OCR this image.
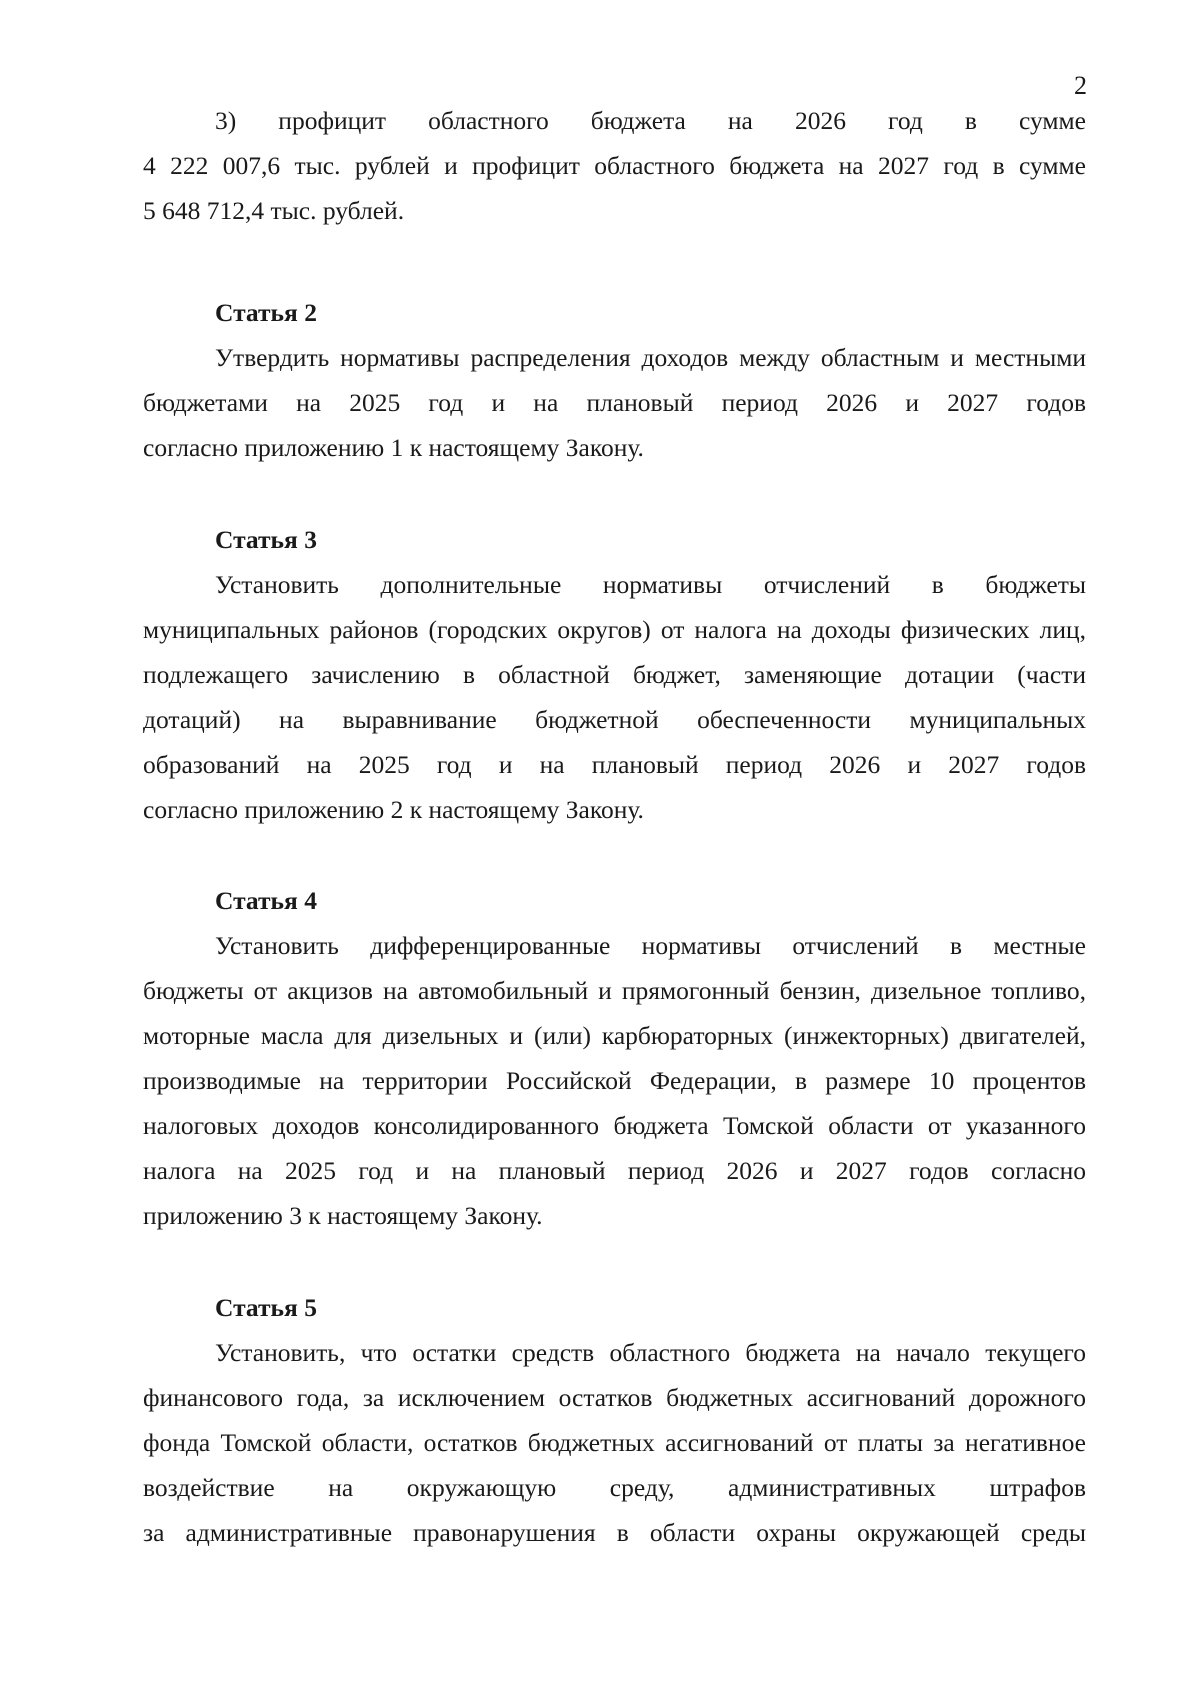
2
3) профицит областного бюджета на 2026 год в сумме
4 222 007,6 тыс. рублей и профицит областного бюджета на 2027 год в сумме
5 648 712,4 тыс. рублей.
Статья 2
Утвердить нормативы распределения доходов между областным и местными
бюджетами на 2025 год и на плановый период 2026 и 2027 годов
согласно приложению 1 к настоящему Закону.
Статья 3
Установить дополнительные нормативы отчислений в бюджеты
муниципальных районов (городских округов) от налога на доходы физических лиц,
подлежащего зачислению в областной бюджет, заменяющие дотации (части
дотаций) на выравнивание бюджетной обеспеченности муниципальных
образований на 2025 год и на плановый период 2026 и 2027 годов
согласно приложению 2 к настоящему Закону.
Статья 4
Установить дифференцированные нормативы отчислений в местные
бюджеты от акцизов на автомобильный и прямогонный бензин, дизельное топливо,
моторные масла для дизельных и (или) карбюраторных (инжекторных) двигателей,
производимые на территории Российской Федерации, в размере 10 процентов
налоговых доходов консолидированного бюджета Томской области от указанного
налога на 2025 год и на плановый период 2026 и 2027 годов согласно
приложению 3 к настоящему Закону.
Статья 5
Установить, что остатки средств областного бюджета на начало текущего
финансового года, за исключением остатков бюджетных ассигнований дорожного
фонда Томской области, остатков бюджетных ассигнований от платы за негативное
воздействие на окружающую среду, административных штрафов
за административные правонарушения в области охраны окружающей среды
